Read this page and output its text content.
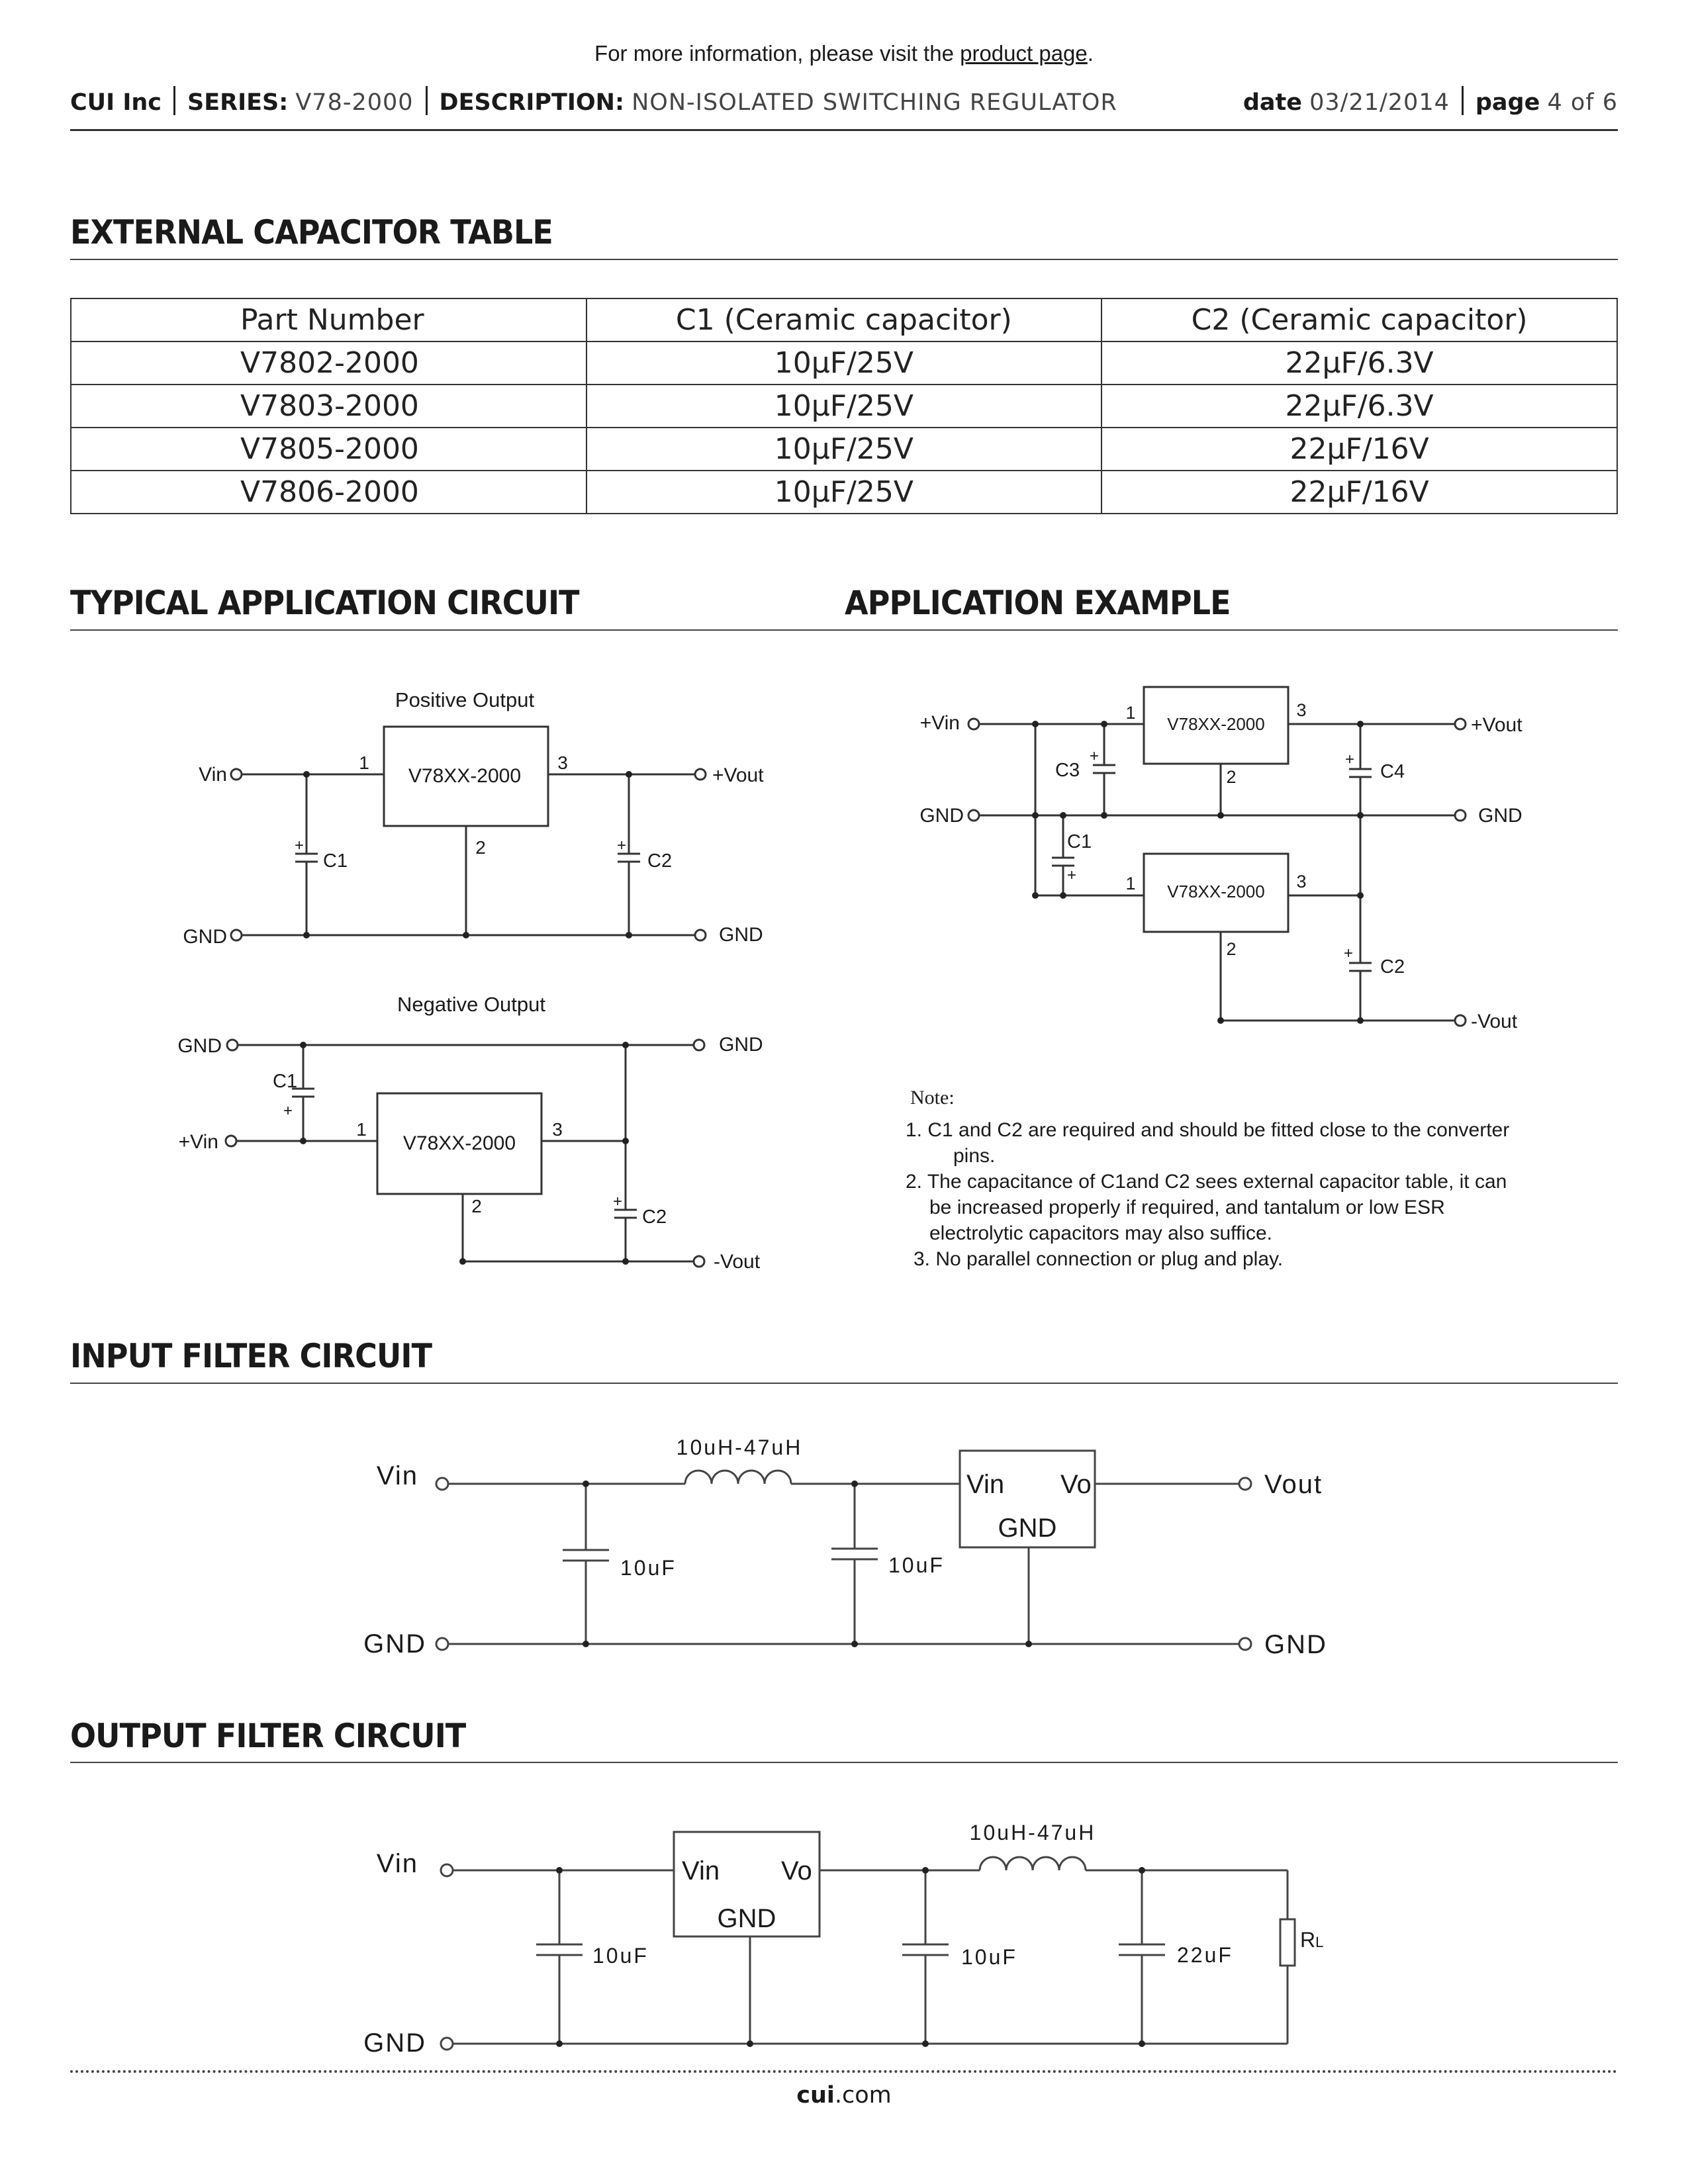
For more information, please visit the product page.
CUI Inc SERIES: V78-2000 DESCRIPTION: NON-ISOLATED SWITCHING REGULATOR	date 03/21/2014 page 4 of 6
EXTERNAL CAPACITOR TABLE
Part Number	C1 (Ceramic capacitor)	C2 (Ceramic capacitor)
V7802-2000	10μF/25V	22μF/6.3V
V7803-2000	10μF/25V	22μF/6.3V
V7805-2000	10μF/25V	22μF/16V
V7806-2000	10μF/25V	22μF/16V
TYPICAL APPLICATION CIRCUIT	APPLICATION EXAMPLE
Positive Output
V78XX-2000
Vin
1	3
+Vout
+
C1
2	+
C2
GND	GND
Negative Output
GND	GND
C1
+
+Vin
1
V78XX-2000
3
+
C2
2
-Vout
+Vin	1
V78XX-2000
3
+Vout
C3
+
2
+
C4
GND	GND
C1
+	1 V78XX-2000 3
+
C2
2
-Vout
Note:
1. C1 and C2 are required and should be fitted close to the converter
pins.
2. The capacitance of C1and C2 sees external capacitor table, it can
be increased properly if required, and tantalum or low ESR
electrolytic capacitors may also suffice.
3. No parallel connection or plug and play.
INPUT FILTER CIRCUIT
Vin
10uH-47uH
Vin Vo
GND
Vout
10uF	10uF
GND	GND
OUTPUT FILTER CIRCUIT
Vin	Vin Vo
GND
10uH-47uH
RL
10uF	10uF	22uF
GND
cui.com
